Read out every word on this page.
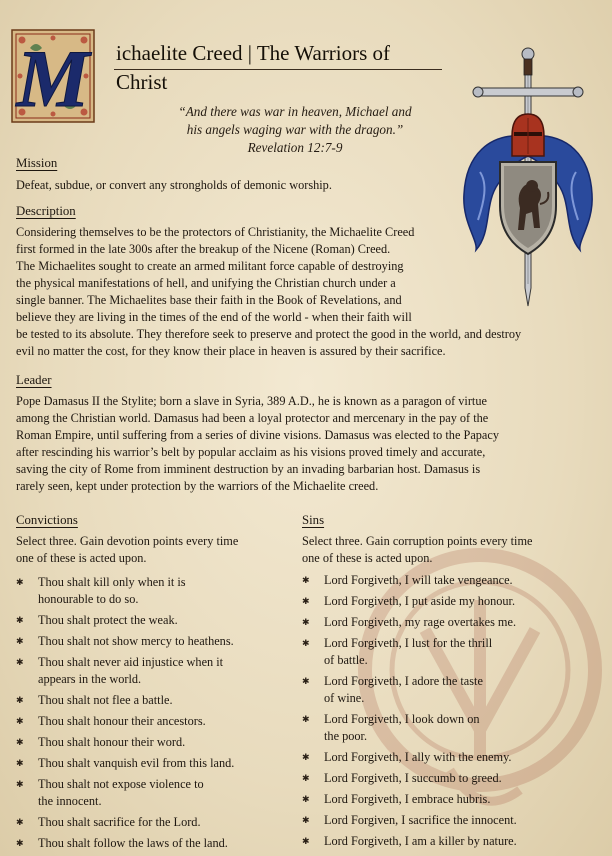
M ichaelite Creed | The Warriors of Christ
“And there was war in heaven, Michael and
his angels waging war with the dragon.”
Revelation 12:7-9
Mission
Defeat, subdue, or convert any strongholds of demonic worship.
Description
Considering themselves to be the protectors of Christianity, the Michaelite Creed
first formed in the late 300s after the breakup of the Nicene (Roman) Creed.
The Michaelites sought to create an armed militant force capable of destroying
the physical manifestations of hell, and unifying the Christian church under a
single banner. The Michaelites base their faith in the Book of Revelations, and
believe they are living in the times of the end of the world - when their faith will
be tested to its absolute. They therefore seek to preserve and protect the good in the world, and destroy
evil no matter the cost, for they know their place in heaven is assured by their sacrifice.
Leader
Pope Damasus II the Stylite; born a slave in Syria, 389 A.D., he is known as a paragon of virtue
among the Christian world. Damasus had been a loyal protector and mercenary in the pay of the
Roman Empire, until suffering from a series of divine visions. Damasus was elected to the Papacy
after rescinding his warrior’s belt by popular acclaim as his visions proved timely and accurate,
saving the city of Rome from imminent destruction by an invading barbarian host. Damasus is
rarely seen, kept under protection by the warriors of the Michaelite creed.
Convictions
Select three. Gain devotion points every time
one of these is acted upon.
✱ Thou shalt kill only when it is
honourable to do so.
✱ Thou shalt protect the weak.
✱ Thou shalt not show mercy to heathens.
✱ Thou shalt never aid injustice when it
appears in the world.
✱ Thou shalt not flee a battle.
✱ Thou shalt honour their ancestors.
✱ Thou shalt honour their word.
✱ Thou shalt vanquish evil from this land.
✱ Thou shalt not expose violence to
the innocent.
✱ Thou shalt sacrifice for the Lord.
✱ Thou shalt follow the laws of the land.
Sins
Select three. Gain corruption points every time
one of these is acted upon.
✱ Lord Forgiveth, I will take vengeance.
✱ Lord Forgiveth, I put aside my honour.
✱ Lord Forgiveth, my rage overtakes me.
✱ Lord Forgiveth, I lust for the thrill
of battle.
✱ Lord Forgiveth, I adore the taste
of wine.
✱ Lord Forgiveth, I look down on
the poor.
✱ Lord Forgiveth, I ally with the enemy.
✱ Lord Forgiveth, I succumb to greed.
✱ Lord Forgiveth, I embrace hubris.
✱ Lord Forgiven, I sacrifice the innocent.
✱ Lord Forgiveth, I am a killer by nature.
